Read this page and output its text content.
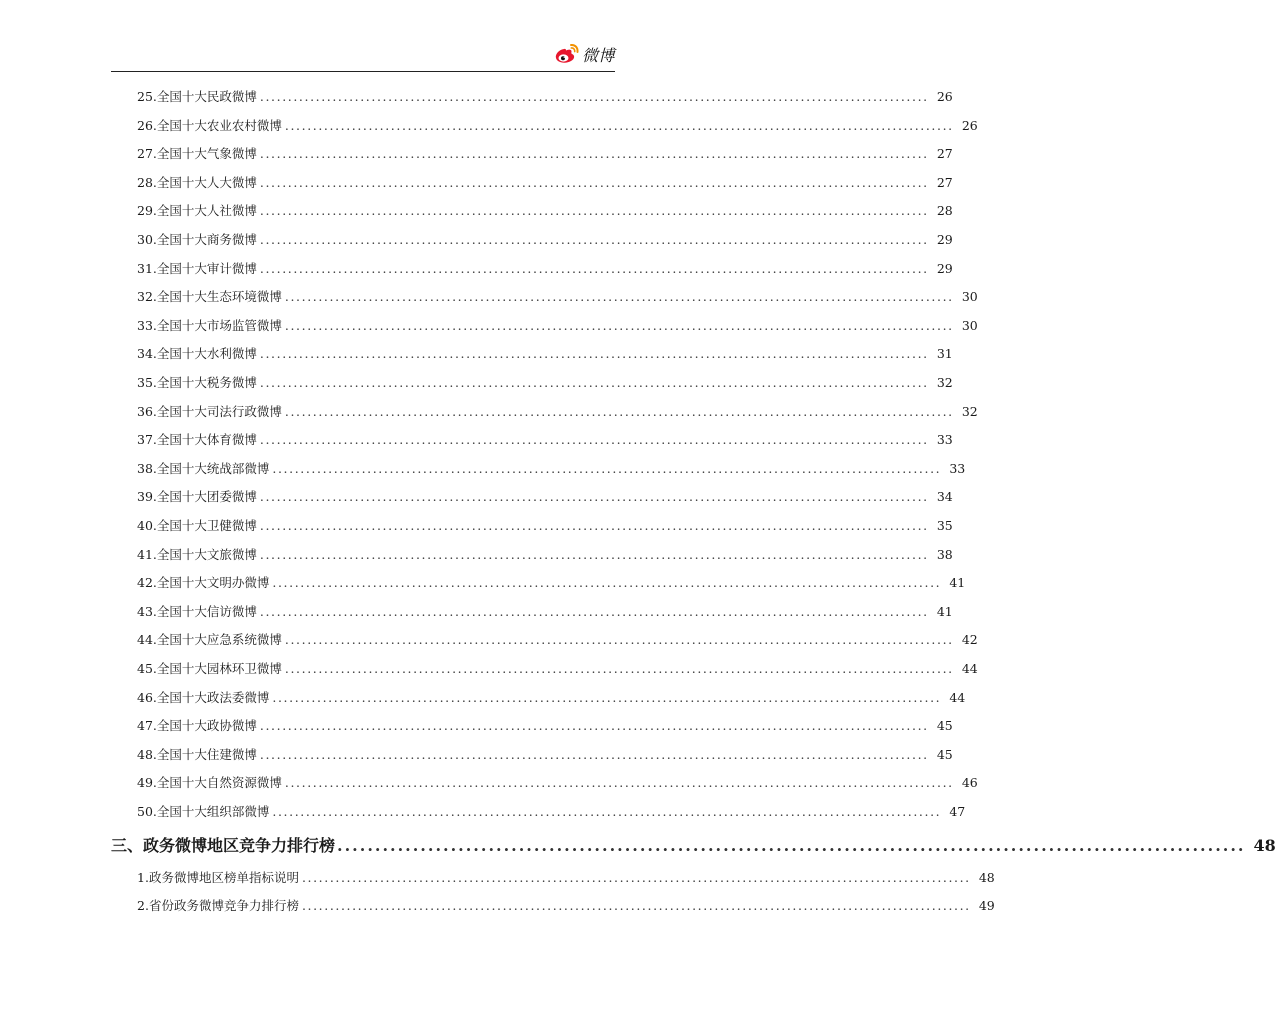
微博
25. 全国十大民政微博 ........................................................................................................................ 26
26. 全国十大农业农村微博 ........................................................................................................................ 26
27. 全国十大气象微博 ........................................................................................................................ 27
28. 全国十大人大微博 ........................................................................................................................ 27
29. 全国十大人社微博 ........................................................................................................................ 28
30. 全国十大商务微博 ........................................................................................................................ 29
31. 全国十大审计微博 ........................................................................................................................ 29
32. 全国十大生态环境微博 ........................................................................................................................ 30
33. 全国十大市场监管微博 ........................................................................................................................ 30
34. 全国十大水利微博 ........................................................................................................................ 31
35. 全国十大税务微博 ........................................................................................................................ 32
36. 全国十大司法行政微博 ........................................................................................................................ 32
37. 全国十大体育微博 ........................................................................................................................ 33
38. 全国十大统战部微博 ........................................................................................................................ 33
39. 全国十大团委微博 ........................................................................................................................ 34
40. 全国十大卫健微博 ........................................................................................................................ 35
41. 全国十大文旅微博 ........................................................................................................................ 38
42. 全国十大文明办微博 ........................................................................................................................ 41
43. 全国十大信访微博 ........................................................................................................................ 41
44. 全国十大应急系统微博 ........................................................................................................................ 42
45. 全国十大园林环卫微博 ........................................................................................................................ 44
46. 全国十大政法委微博 ........................................................................................................................ 44
47. 全国十大政协微博 ........................................................................................................................ 45
48. 全国十大住建微博 ........................................................................................................................ 45
49. 全国十大自然资源微博 ........................................................................................................................ 46
50. 全国十大组织部微博 ........................................................................................................................ 47
三、 政务微博地区竞争力排行榜 ........................................................................................................................ 48
1. 政务微博地区榜单指标说明 ........................................................................................................................ 48
2. 省份政务微博竞争力排行榜 ........................................................................................................................ 49
